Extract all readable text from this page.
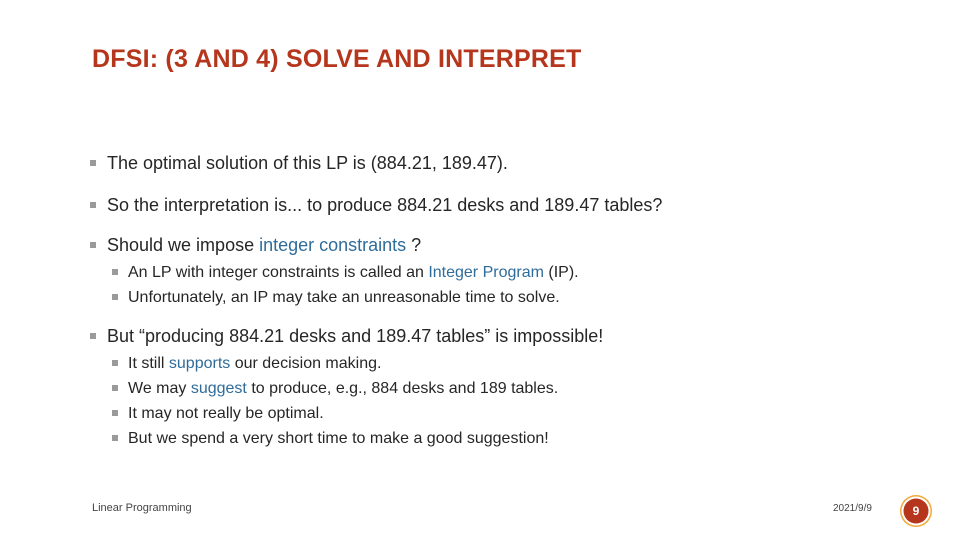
DFSI: (3 AND 4) SOLVE AND INTERPRET
The optimal solution of this LP is (884.21, 189.47).
So the interpretation is... to produce 884.21 desks and 189.47 tables?
Should we impose integer constraints ?
An LP with integer constraints is called an Integer Program (IP).
Unfortunately, an IP may take an unreasonable time to solve.
But “producing 884.21 desks and 189.47 tables” is impossible!
It still supports our decision making.
We may suggest to produce, e.g., 884 desks and 189 tables.
It may not really be optimal.
But we spend a very short time to make a good suggestion!
Linear Programming	2021/9/9	9
